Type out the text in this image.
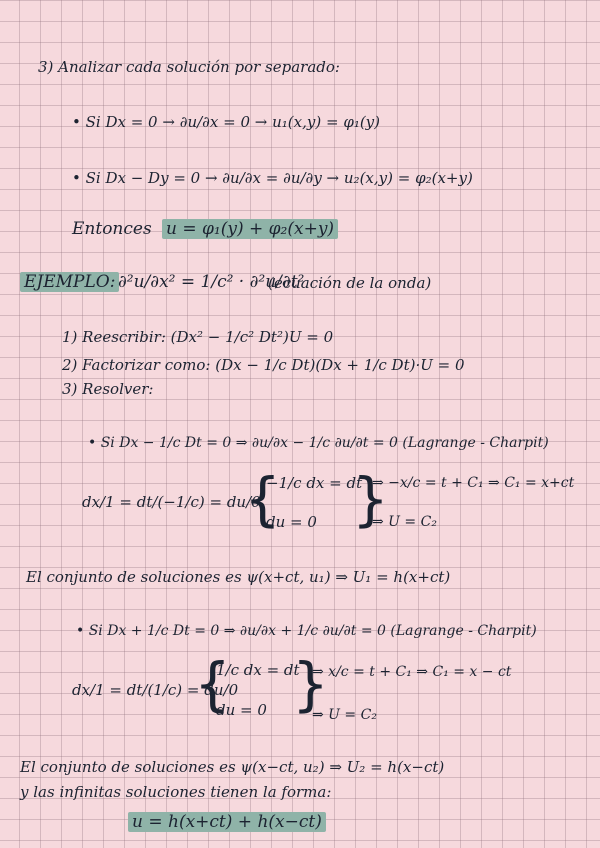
3) Analizar cada solución por separado:
• Si Dx = 0 → ∂u/∂x = 0 → u₁(x,y) = φ₁(y)
• Si Dx − Dy = 0 → ∂u/∂x = ∂u/∂y → u₂(x,y) = φ₂(x+y)
Entonces u = φ₁(y) + φ₂(x+y)
EJEMPLO: ∂²u/∂x² = 1/c² · ∂²u/∂t²
(ecuación de la onda)
1) Reescribir: (Dx² − 1/c² Dt²)U = 0
2) Factorizar como: (Dx − 1/c Dt)(Dx + 1/c Dt)·U = 0
3) Resolver:
• Si Dx − 1/c Dt = 0 ⇒ ∂u/∂x − 1/c ∂u/∂t = 0 (Lagrange - Charpit)
dx/1 = dt/(−1/c) = du/0
{
−1/c dx = dt
du = 0 }
⇒ −x/c = t + C₁ ⇒ C₁ = x+ct
⇒ U = C₂
El conjunto de soluciones es ψ(x+ct, u₁) ⇒ U₁ = h(x+ct)
• Si Dx + 1/c Dt = 0 ⇒ ∂u/∂x + 1/c ∂u/∂t = 0 (Lagrange - Charpit)
dx/1 = dt/(1/c) = du/0
{
1/c dx = dt
du = 0 }
⇒ x/c = t + C₁ ⇒ C₁ = x − ct
⇒ U = C₂
El conjunto de soluciones es ψ(x−ct, u₂) ⇒ U₂ = h(x−ct)
y las infinitas soluciones tienen la forma:
u = h(x+ct) + h(x−ct)
